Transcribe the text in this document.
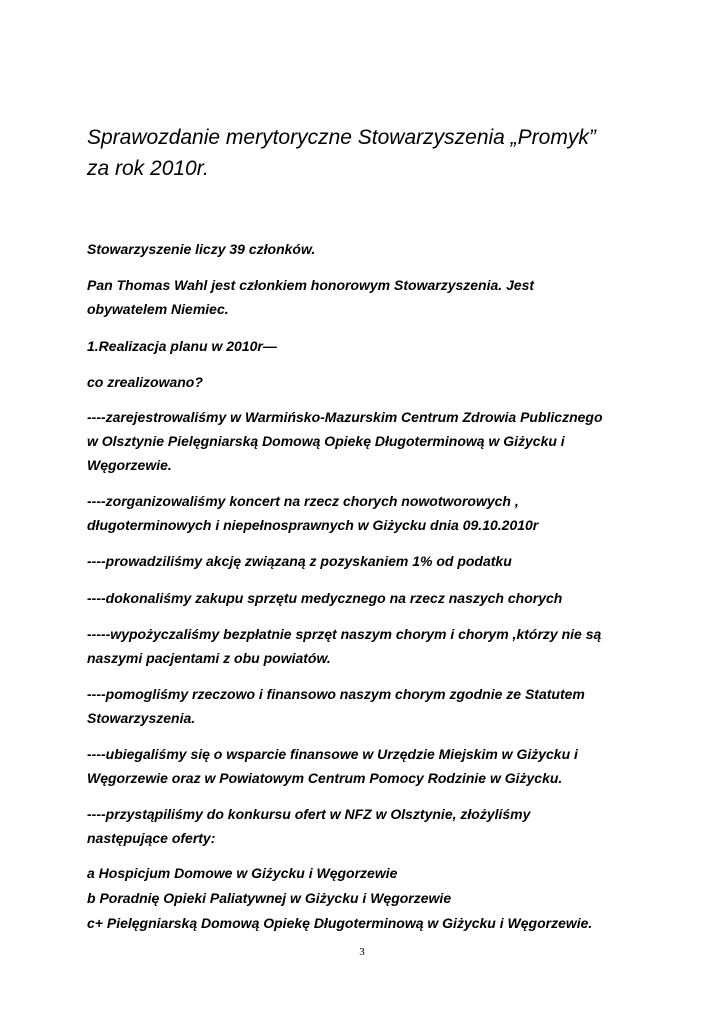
Sprawozdanie merytoryczne Stowarzyszenia „Promyk”
za rok 2010r.

Stowarzyszenie liczy 39 członków.

Pan Thomas Wahl jest członkiem honorowym Stowarzyszenia. Jest
obywatelem Niemiec.

1.Realizacja planu w 2010r—

co zrealizowano?

----zarejestrowaliśmy w Warmińsko-Mazurskim Centrum Zdrowia Publicznego
w Olsztynie Pielęgniarską Domową Opiekę Długoterminową w Giżycku i
Węgorzewie.

----zorganizowaliśmy koncert na rzecz chorych nowotworowych ,
długoterminowych i niepełnosprawnych w Giżycku dnia 09.10.2010r

----prowadziliśmy akcję związaną z pozyskaniem 1% od podatku

----dokonaliśmy zakupu sprzętu medycznego na rzecz naszych chorych

-----wypożyczaliśmy bezpłatnie sprzęt naszym chorym i chorym ,którzy nie są
naszymi pacjentami z obu powiatów.

----pomogliśmy rzeczowo i finansowo naszym chorym zgodnie ze Statutem
Stowarzyszenia.

----ubiegaliśmy się o wsparcie finansowe w Urzędzie Miejskim w Giżycku i
Węgorzewie oraz w Powiatowym Centrum Pomocy Rodzinie w Giżycku.

----przystąpiliśmy do konkursu ofert w NFZ w Olsztynie, złożyliśmy
następujące oferty:

a Hospicjum Domowe w Giżycku i Węgorzewie

b Poradnię Opieki Paliatywnej w Giżycku i Węgorzewie

c+ Pielęgniarską Domową Opiekę Długoterminową w Giżycku i Węgorzewie.

3
